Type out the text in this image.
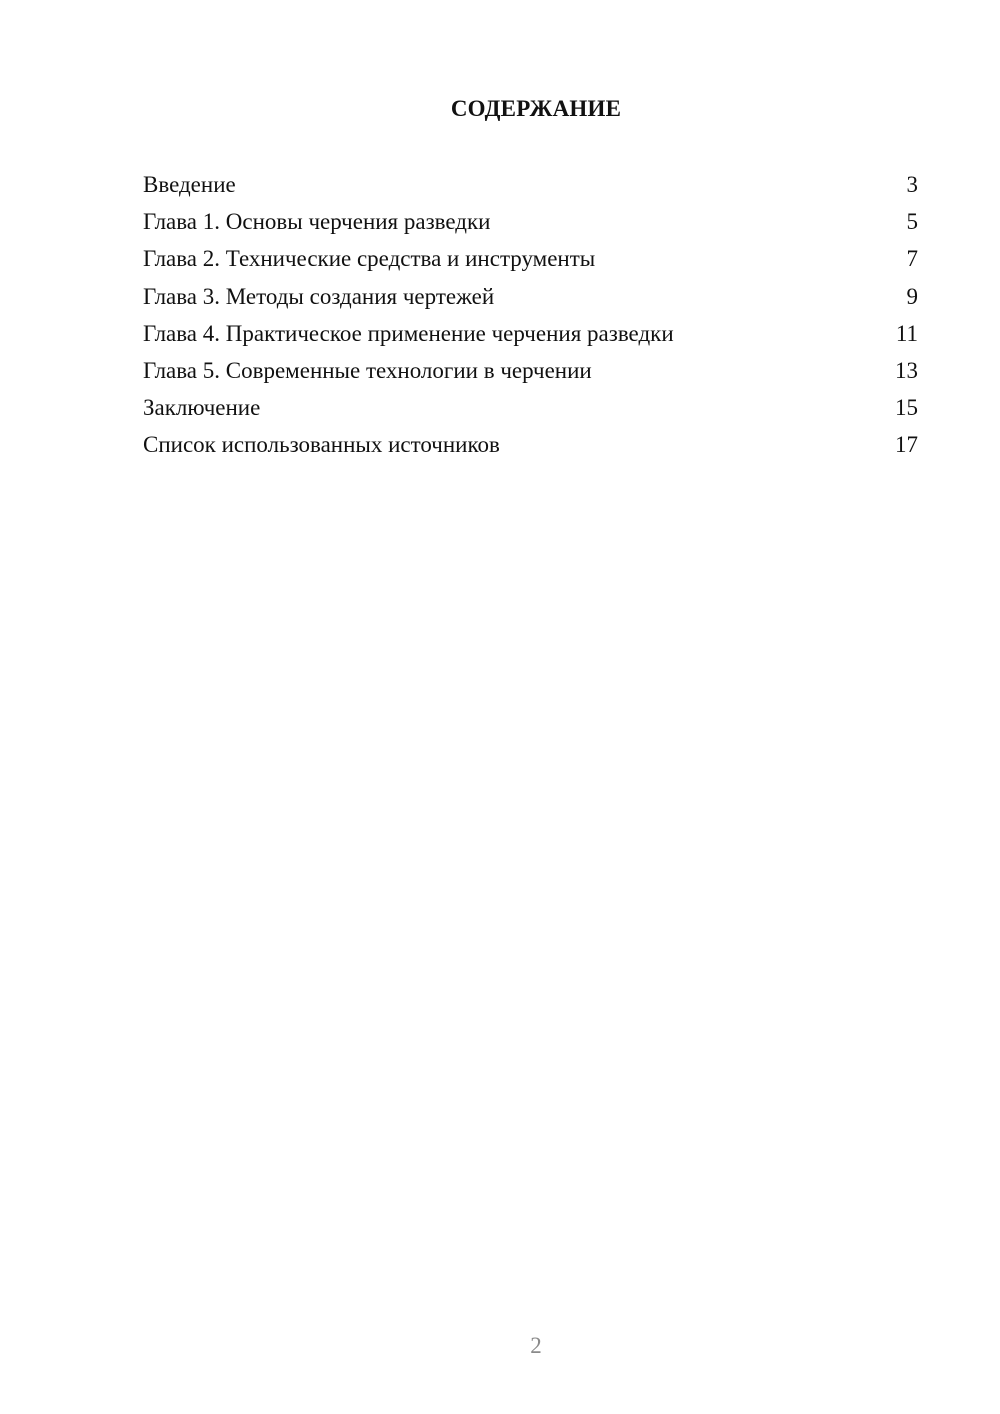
СОДЕРЖАНИЕ
Введение	3
Глава 1. Основы черчения разведки	5
Глава 2. Технические средства и инструменты	7
Глава 3. Методы создания чертежей	9
Глава 4. Практическое применение черчения разведки	11
Глава 5. Современные технологии в черчении	13
Заключение	15
Список использованных источников	17
2
